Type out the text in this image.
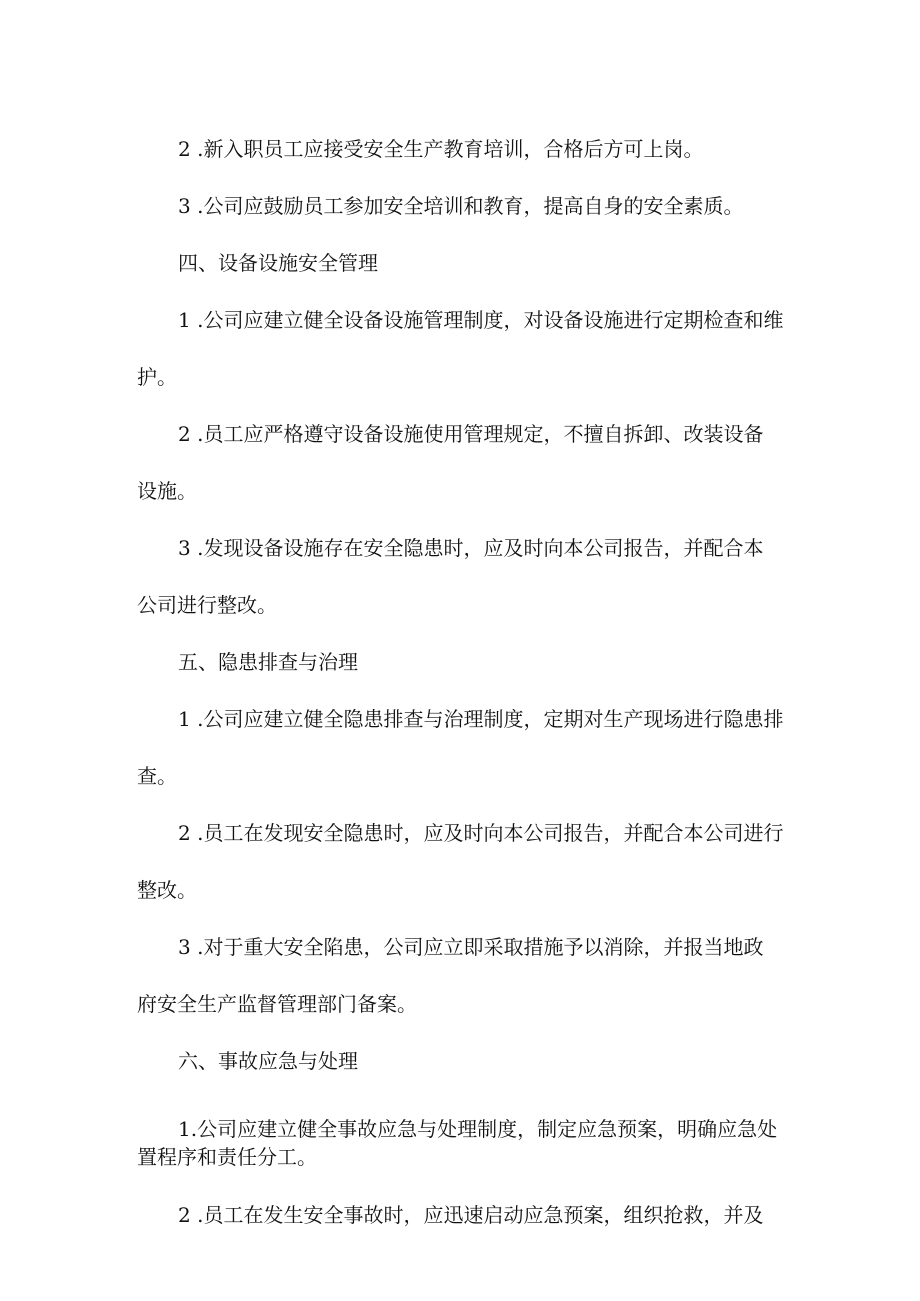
2 .新入职员工应接受安全生产教育培训，合格后方可上岗。

3 .公司应鼓励员工参加安全培训和教育，提高自身的安全素质。

四、设备设施安全管理

1 .公司应建立健全设备设施管理制度，对设备设施进行定期检查和维

护。

2 .员工应严格遵守设备设施使用管理规定，不擅自拆卸、改装设备

设施。

3 .发现设备设施存在安全隐患时，应及时向本公司报告，并配合本

公司进行整改。

五、隐患排查与治理

1 .公司应建立健全隐患排查与治理制度，定期对生产现场进行隐患排

查。

2 .员工在发现安全隐患时，应及时向本公司报告，并配合本公司进行

整改。

3 .对于重大安全陷患，公司应立即采取措施予以消除，并报当地政

府安全生产监督管理部门备案。

六、事故应急与处理

1.公司应建立健全事故应急与处理制度，制定应急预案，明确应急处

置程序和责任分工。

2 .员工在发生安全事故时，应迅速启动应急预案，组织抢救，并及
